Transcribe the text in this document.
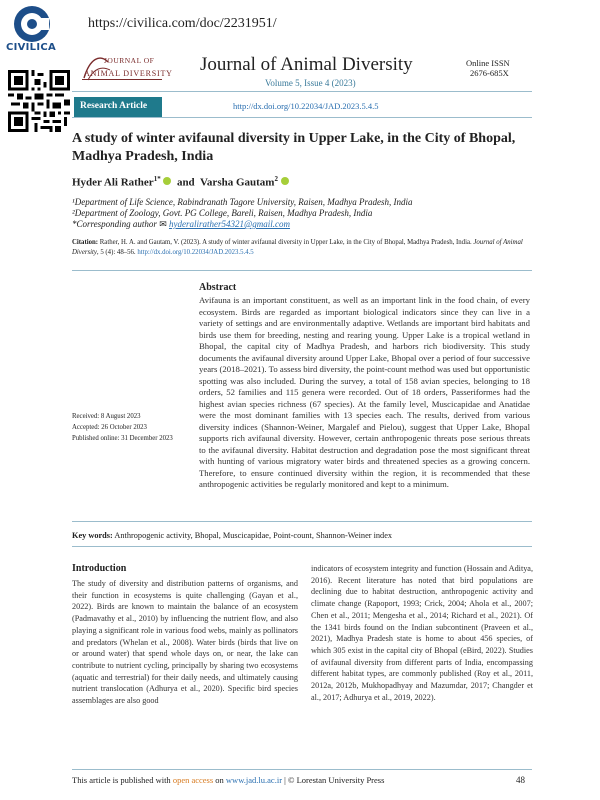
CIVILICA
https://civilica.com/doc/2231951/
JOURNAL OF
ANIMAL DIVERSITY Journal of Animal Diversity
Volume 5, Issue 4 (2023)
Online ISSN
2676-685X
Research Article	http://dx.doi.org/10.22034/JAD.2023.5.4.5
A study of winter avifaunal diversity in Upper Lake, in the City of Bhopal, Madhya Pradesh, India
Hyder Ali Rather$^{1*}$   and  Varsha Gautam$^2$
¹Department of Life Science, Rabindranath Tagore University, Raisen, Madhya Pradesh, India
²Department of Zoology, Govt. PG College, Bareli, Raisen, Madhya Pradesh, India
*Corresponding author ✉ hyderalirather54321@gmail.com
Citation: Rather, H. A. and Gautam, V. (2023). A study of winter avifaunal diversity in Upper Lake, in the City of Bhopal, Madhya Pradesh, India. Journal of Animal Diversity, 5 (4): 48–56. http://dx.doi.org/10.22034/JAD.2023.5.4.5
Abstract
Avifauna is an important constituent, as well as an important link in the food chain, of every ecosystem. Birds are regarded as important biological indicators since they can live in a variety of settings and are environmentally adaptive. Wetlands are important bird habitats and birds use them for breeding, nesting and rearing young. Upper Lake is a tropical wetland in Bhopal, the capital city of Madhya Pradesh, and harbors rich biodiversity. This study documents the avifaunal diversity around Upper Lake, Bhopal over a period of four successive years (2018–2021). To assess bird diversity, the point-count method was used but opportunistic spotting was also included. During the survey, a total of 158 avian species, belonging to 18 orders, 52 families and 115 genera were recorded. Out of 18 orders, Passeriformes had the highest avian species richness (67 species). At the family level, Muscicapidae and Anatidae were the most dominant families with 13 species each. The results, derived from various diversity indices (Shannon-Weiner, Margalef and Pielou), suggest that Upper Lake, Bhopal supports rich avifaunal diversity. However, certain anthropogenic threats pose serious threats to the avifaunal diversity. Habitat destruction and degradation pose the most significant threat with hunting of various migratory water birds and threatened species as a growing concern. Therefore, to ensure continued diversity within the region, it is recommended that these anthropogenic activities be regularly monitored and kept to a minimum.
Received: 8 August 2023
Accepted: 26 October 2023
Published online: 31 December 2023
Key words: Anthropogenic activity, Bhopal, Muscicapidae, Point-count, Shannon-Weiner index
Introduction
The study of diversity and distribution patterns of organisms, and their function in ecosystems is quite challenging (Gayan et al., 2022). Birds are known to maintain the balance of an ecosystem (Padmavathy et al., 2010) by influencing the nutrient flow, and also playing a significant role in various food webs, mainly as pollinators and predators (Whelan et al., 2008). Water birds (birds that live on or around water) that spend whole days on, or near, the lake can contribute to nutrient cycling, principally by sharing two ecosystems (aquatic and terrestrial) for their daily needs, and ultimately causing nutrient translocation (Adhurya et al., 2020). Specific bird species assemblages are also good
indicators of ecosystem integrity and function (Hossain and Aditya, 2016). Recent literature has noted that bird populations are declining due to habitat destruction, anthropogenic activity and climate change (Rapoport, 1993; Crick, 2004; Ahola et al., 2007; Chen et al., 2011; Mengesha et al., 2014; Richard et al., 2021). Of the 1341 birds found on the Indian subcontinent (Praveen et al., 2021), Madhya Pradesh state is home to about 456 species, of which 305 exist in the capital city of Bhopal (eBird, 2022). Studies of avifaunal diversity from different parts of India, encompassing different habitat types, are commonly published (Roy et al., 2011, 2012a, 2012b, Mukhopadhyay and Mazumdar, 2017; Changder et al., 2017; Adhurya et al., 2019, 2022).
This article is published with open access on www.jad.lu.ac.ir | © Lorestan University Press	48
